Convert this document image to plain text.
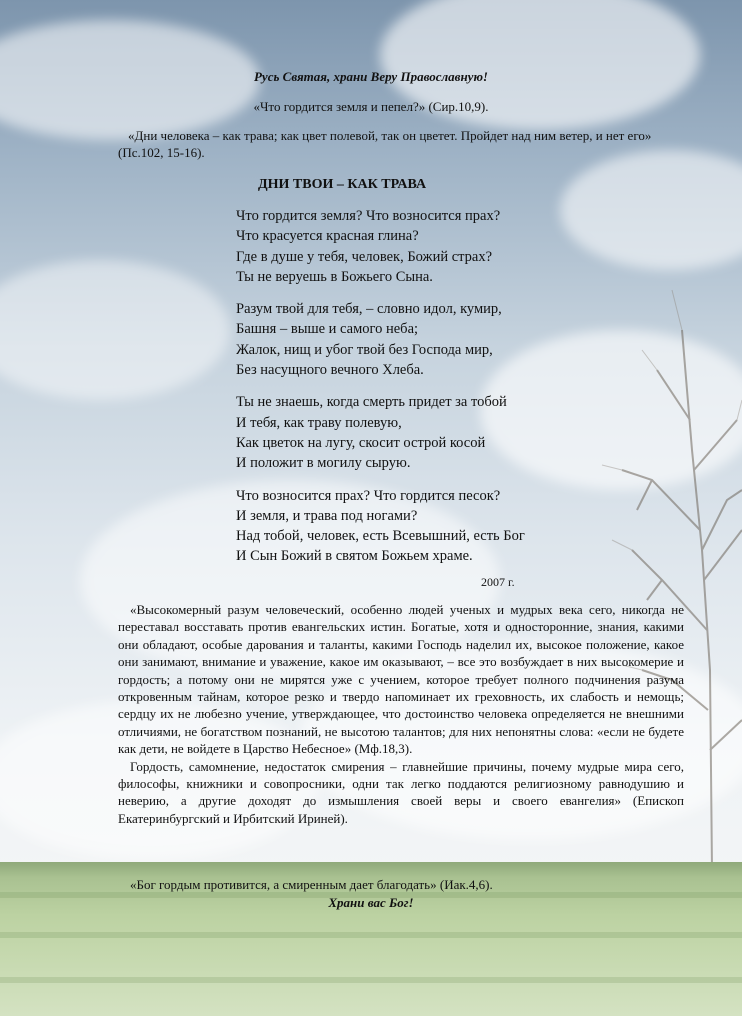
Русь Святая, храни Веру Православную!
«Что гордится земля и пепел?» (Сир.10,9).
«Дни человека – как трава; как цвет полевой, так он цветет. Пройдет над ним ветер, и нет его» (Пс.102, 15-16).
ДНИ ТВОИ – КАК ТРАВА
Что гордится земля? Что возносится прах?
Что красуется красная глина?
Где в душе у тебя, человек, Божий страх?
Ты не веруешь в Божьего Сына.
Разум твой для тебя, – словно идол, кумир,
Башня – выше и самого неба;
Жалок, нищ и убог твой без Господа мир,
Без насущного вечного Хлеба.
Ты не знаешь, когда смерть придет за тобой
И тебя, как траву полевую,
Как цветок на лугу, скосит острой косой
И положит в могилу сырую.
Что возносится прах? Что гордится песок?
И земля, и трава под ногами?
Над тобой, человек, есть Всевышний, есть Бог
И Сын Божий в святом Божьем храме.
2007 г.

«Высокомерный разум человеческий, особенно людей ученых и мудрых века сего, никогда не переставал восставать против евангельских истин. Богатые, хотя и односторонние, знания, какими они обладают, особые дарования и таланты, какими Господь наделил их, высокое положение, какое они занимают, внимание и уважение, какое им оказывают, – все это возбуждает в них высокомерие и гордость; а потому они не мирятся уже с учением, которое требует полного подчинения разума откровенным тайнам, которое резко и твердо напоминает их греховность, их слабость и немощь; сердцу их не любезно учение, утверждающее, что достоинство человека определяется не внешними отличиями, не богатством познаний, не высотою талантов; для них непонятны слова: «если не будете как дети, не войдете в Царство Небесное» (Мф.18,3).

Гордость, самомнение, недостаток смирения – главнейшие причины, почему мудрые мира сего, философы, книжники и совопросники, одни так легко поддаются религиозному равнодушию и неверию, а другие доходят до измышления своей веры и своего евангелия» (Епископ Екатеринбургский и Ирбитский Ириней).

«Бог гордым противится, а смиренным дает благодать» (Иак.4,6).
Храни вас Бог!
